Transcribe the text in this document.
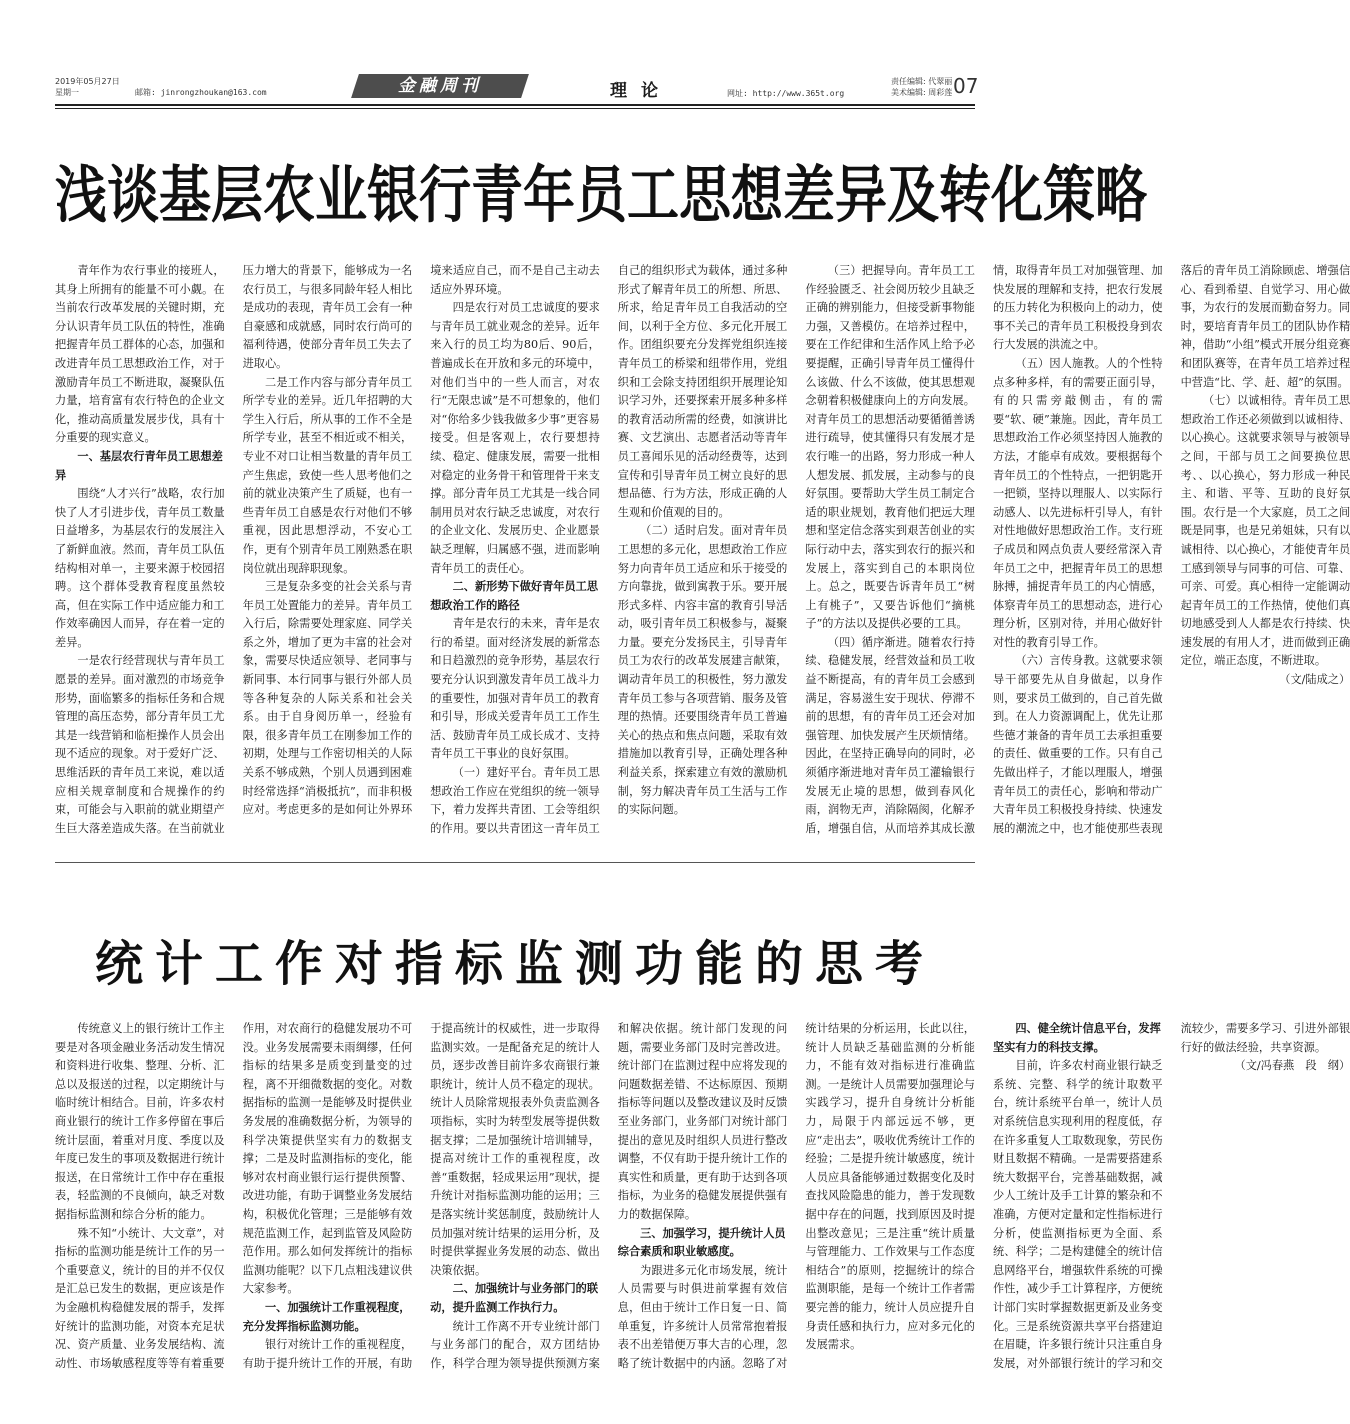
2019年05月27日
星期一	邮箱: jinrongzhoukan@163.com	金融周刊	理论	网址: http://www.365t.org
责任编辑: 代翠丽
美术编辑: 周彩莲 07
浅谈基层农业银行青年员工思想差异及转化策略

青年作为农行事业的接班人，其身上所拥有的能量不可小觑。在当前农行改革发展的关键时期，充分认识青年员工队伍的特性，准确把握青年员工群体的心态，加强和改进青年员工思想政治工作，对于激励青年员工不断进取，凝聚队伍力量，培育富有农行特色的企业文化，推动高质量发展步伐，具有十分重要的现实意义。

一、基层农行青年员工思想差异

围绕“人才兴行”战略，农行加快了人才引进步伐，青年员工数量日益增多，为基层农行的发展注入了新鲜血液。然而，青年员工队伍结构相对单一，主要来源于校园招聘。这个群体受教育程度虽然较高，但在实际工作中适应能力和工作效率确因人而异，存在着一定的差异。

一是农行经营现状与青年员工愿景的差异。面对激烈的市场竞争形势，面临繁多的指标任务和合规管理的高压态势，部分青年员工尤其是一线营销和临柜操作人员会出现不适应的现象。对于爱好广泛、思维活跃的青年员工来说，难以适应相关规章制度和合规操作的约束，可能会与入职前的就业期望产生巨大落差造成失落。在当前就业压力增大的背景下，能够成为一名农行员工，与很多同龄年轻人相比是成功的表现，青年员工会有一种自豪感和成就感，同时农行尚可的福利待遇，使部分青年员工失去了进取心。

二是工作内容与部分青年员工所学专业的差异。近几年招聘的大学生入行后，所从事的工作不全是所学专业，甚至不相近或不相关，专业不对口让相当数量的青年员工产生焦虑，致使一些人思考他们之前的就业决策产生了质疑，也有一些青年员工自感是农行对他们不够重视，因此思想浮动，不安心工作，更有个别青年员工刚熟悉在职岗位就出现辞职现象。

三是复杂多变的社会关系与青年员工处置能力的差异。青年员工入行后，除需要处理家庭、同学关系之外，增加了更为丰富的社会对象，需要尽快适应领导、老同事与新同事、本行同事与银行外部人员等各种复杂的人际关系和社会关系。由于自身阅历单一，经验有限，很多青年员工在刚参加工作的初期，处理与工作密切相关的人际关系不够成熟，个别人员遇到困难时经常选择“消极抵抗”，而非积极应对。考虑更多的是如何让外界环境来适应自己，而不是自己主动去适应外界环境。

四是农行对员工忠诚度的要求与青年员工就业观念的差异。近年来入行的员工均为80后、90后，普遍成长在开放和多元的环境中，对他们当中的一些人而言，对农行“无限忠诚”是不可想象的，他们对“你给多少钱我做多少事”更容易接受。但是客观上，农行要想持续、稳定、健康发展，需要一批相对稳定的业务骨干和管理骨干来支撑。部分青年员工尤其是一线合同制用员对农行缺乏忠诚度，对农行的企业文化、发展历史、企业愿景缺乏理解，归属感不强，进而影响青年员工的责任心。

二、新形势下做好青年员工思想政治工作的路径

青年是农行的未来，青年是农行的希望。面对经济发展的新常态和日趋激烈的竞争形势，基层农行要充分认识到激发青年员工战斗力的重要性，加强对青年员工的教育和引导，形成关爱青年员工工作生活、鼓励青年员工成长成才、支持青年员工干事业的良好氛围。

（一）建好平台。青年员工思想政治工作应在党组织的统一领导下，着力发挥共青团、工会等组织的作用。要以共青团这一青年员工自己的组织形式为载体，通过多种形式了解青年员工的所想、所思、所求，给足青年员工自我活动的空间，以利于全方位、多元化开展工作。团组织要充分发挥党组织连接青年员工的桥梁和纽带作用，党组织和工会除支持团组织开展理论知识学习外，还要探索开展多种多样的教育活动所需的经费，如演讲比赛、文艺演出、志愿者活动等青年员工喜闻乐见的活动经费等，达到宣传和引导青年员工树立良好的思想品德、行为方法，形成正确的人生观和价值观的目的。

（二）适时启发。面对青年员工思想的多元化，思想政治工作应努力向青年员工适应和乐于接受的方向靠拢，做到寓教于乐。要开展形式多样、内容丰富的教育引导活动，吸引青年员工积极参与，凝聚力量。要充分发扬民主，引导青年员工为农行的改革发展建言献策，调动青年员工的积极性，努力激发青年员工参与各项营销、服务及管理的热情。还要围绕青年员工普遍关心的热点和焦点问题，采取有效措施加以教育引导，正确处理各种利益关系，探索建立有效的激励机制，努力解决青年员工生活与工作的实际问题。

（三）把握导向。青年员工工作经验匮乏、社会阅历较少且缺乏正确的辨别能力，但接受新事物能力强，又善模仿。在培养过程中，要在工作纪律和生活作风上给予必要提醒，正确引导青年员工懂得什么该做、什么不该做，使其思想观念朝着积极健康向上的方向发展。对青年员工的思想活动要循循善诱进行疏导，使其懂得只有发展才是农行唯一的出路，努力形成一种人人想发展、抓发展，主动参与的良好氛围。要帮助大学生员工制定合适的职业规划，教育他们把远大理想和坚定信念落实到艰苦创业的实际行动中去，落实到农行的振兴和发展上，落实到自己的本职岗位上。总之，既要告诉青年员工“树上有桃子”，又要告诉他们“摘桃子”的方法以及提供必要的工具。

（四）循序渐进。随着农行持续、稳健发展，经营效益和员工收益不断提高，有的青年员工会感到满足，容易滋生安于现状、停滞不前的思想，有的青年员工还会对加强管理、加快发展产生厌烦情绪。因此，在坚持正确导向的同时，必须循序渐进地对青年员工灌输银行发展无止境的思想，做到春风化雨，润物无声，消除隔阂，化解矛盾，增强自信，从而培养其成长激情，取得青年员工对加强管理、加快发展的理解和支持，把农行发展的压力转化为积极向上的动力，使事不关己的青年员工积极投身到农行大发展的洪流之中。

（五）因人施教。人的个性特点多种多样，有的需要正面引导，有的只需旁敲侧击，有的需要“软、硬”兼施。因此，青年员工思想政治工作必须坚持因人施教的方法，才能卓有成效。要根据每个青年员工的个性特点，一把钥匙开一把锁，坚持以理服人、以实际行动感人、以先进标杆引导人，有针对性地做好思想政治工作。支行班子成员和网点负责人要经常深入青年员工之中，把握青年员工的思想脉搏，捕捉青年员工的内心情感，体察青年员工的思想动态，进行心理分析，区别对待，并用心做好针对性的教育引导工作。

（六）言传身教。这就要求领导干部要先从自身做起，以身作则，要求员工做到的，自己首先做到。在人力资源调配上，优先让那些德才兼备的青年员工去承担重要的责任、做重要的工作。只有自己先做出样子，才能以理服人，增强青年员工的责任心，影响和带动广大青年员工积极投身持续、快速发展的潮流之中，也才能使那些表现落后的青年员工消除顾虑、增强信心、看到希望、自觉学习、用心做事，为农行的发展而勤奋努力。同时，要培育青年员工的团队协作精神，借助“小组”模式开展分组竞赛和团队赛等，在青年员工培养过程中营造“比、学、赶、超”的氛围。

（七）以诚相待。青年员工思想政治工作还必须做到以诚相待、以心换心。这就要求领导与被领导之间，干部与员工之间要换位思考、、以心换心，努力形成一种民主、和谐、平等、互助的良好氛围。农行是一个大家庭，员工之间既是同事，也是兄弟姐妹，只有以诚相待、以心换心，才能使青年员工感到领导与同事的可信、可靠、可亲、可爱。真心相待一定能调动起青年员工的工作热情，使他们真切地感受到人人都是农行持续、快速发展的有用人才，进而做到正确定位，端正态度，不断进取。

（文/陆成之）

统计工作对指标监测功能的思考

传统意义上的银行统计工作主要是对各项金融业务活动发生情况和资料进行收集、整理、分析、汇总以及报送的过程，以定期统计与临时统计相结合。目前，许多农村商业银行的统计工作多停留在事后统计层面，着重对月度、季度以及年度已发生的事项及数据进行统计报送，在日常统计工作中存在重报表，轻监测的不良倾向，缺乏对数据指标监测和综合分析的能力。

殊不知“小统计、大文章”，对指标的监测功能是统计工作的另一个重要意义，统计的目的并不仅仅是汇总已发生的数据，更应该是作为金融机构稳健发展的帮手，发挥好统计的监测功能，对资本充足状况、资产质量、业务发展结构、流动性、市场敏感程度等等有着重要作用，对农商行的稳健发展功不可没。业务发展需要未雨绸缪，任何指标的结果多是质变到量变的过程，离不开细微数据的变化。对数据指标的监测一是能够及时提供业务发展的准确数据分析，为领导的科学决策提供坚实有力的数据支撑；二是及时监测指标的变化，能够对农村商业银行运行提供预警、改进功能，有助于调整业务发展结构，积极优化管理；三是能够有效规范监测工作，起到监管及风险防范作用。那么如何发挥统计的指标监测功能呢？以下几点粗浅建议供大家参考。

一、加强统计工作重视程度，充分发挥指标监测功能。

银行对统计工作的重视程度，有助于提升统计工作的开展，有助于提高统计的权威性，进一步取得监测实效。一是配备充足的统计人员，逐步改善目前许多农商银行兼职统计，统计人员不稳定的现状。统计人员除常规报表外负责监测各项指标，实时为转型发展等提供数据支撑；二是加强统计培训辅导，提高对统计工作的重视程度，改善“重数据，轻成果运用”现状，提升统计对指标监测功能的运用；三是落实统计奖惩制度，鼓励统计人员加强对统计结果的运用分析，及时提供掌握业务发展的动态、做出决策依据。

二、加强统计与业务部门的联动，提升监测工作执行力。

统计工作离不开专业统计部门与业务部门的配合，双方团结协作，科学合理为领导提供预测方案和解决依据。统计部门发现的问题，需要业务部门及时完善改进。统计部门在监测过程中应将发现的问题数据差错、不达标原因、预期指标等问题以及整改建议及时反馈至业务部门，业务部门对统计部门提出的意见及时组织人员进行整改调整，不仅有助于提升统计工作的真实性和质量，更有助于达到各项指标，为业务的稳健发展提供强有力的数据保障。

三、加强学习，提升统计人员综合素质和职业敏感度。

为跟进多元化市场发展，统计人员需要与时俱进前掌握有效信息，但由于统计工作日复一日、简单重复，许多统计人员常常抱着报表不出差错便万事大吉的心理，忽略了统计数据中的内涵。忽略了对统计结果的分析运用，长此以往，统计人员缺乏基础监测的分析能力，不能有效对指标进行准确监测。一是统计人员需要加强理论与实践学习，提升自身统计分析能力，局限于内部远远不够，更应“走出去”，吸收优秀统计工作的经验；二是提升统计敏感度，统计人员应具备能够通过数据变化及时查找风险隐患的能力，善于发现数据中存在的问题，找到原因及时提出整改意见；三是注重“统计质量与管理能力、工作效果与工作态度相结合”的原则，挖掘统计的综合监测职能，是每一个统计工作者需要完善的能力，统计人员应提升自身责任感和执行力，应对多元化的发展需求。

四、健全统计信息平台，发挥坚实有力的科技支撑。

目前，许多农村商业银行缺乏系统、完整、科学的统计取数平台，统计系统平台单一，统计人员对系统信息实现利用的程度低，存在许多重复人工取数现象，劳民伤财且数据不精确。一是需要搭建系统大数据平台，完善基础数据，减少人工统计及手工计算的繁杂和不准确，方便对定量和定性指标进行分析，使监测指标更为全面、系统、科学；二是构建健全的统计信息网络平台，增强软件系统的可操作性，减少手工计算程序，方便统计部门实时掌握数据更新及业务变化。三是系统资源共享平台搭建迫在眉睫，许多银行统计只注重自身发展，对外部银行统计的学习和交流较少，需要多学习、引进外部银行好的做法经验，共享资源。

（文/冯春燕　段　纲）
